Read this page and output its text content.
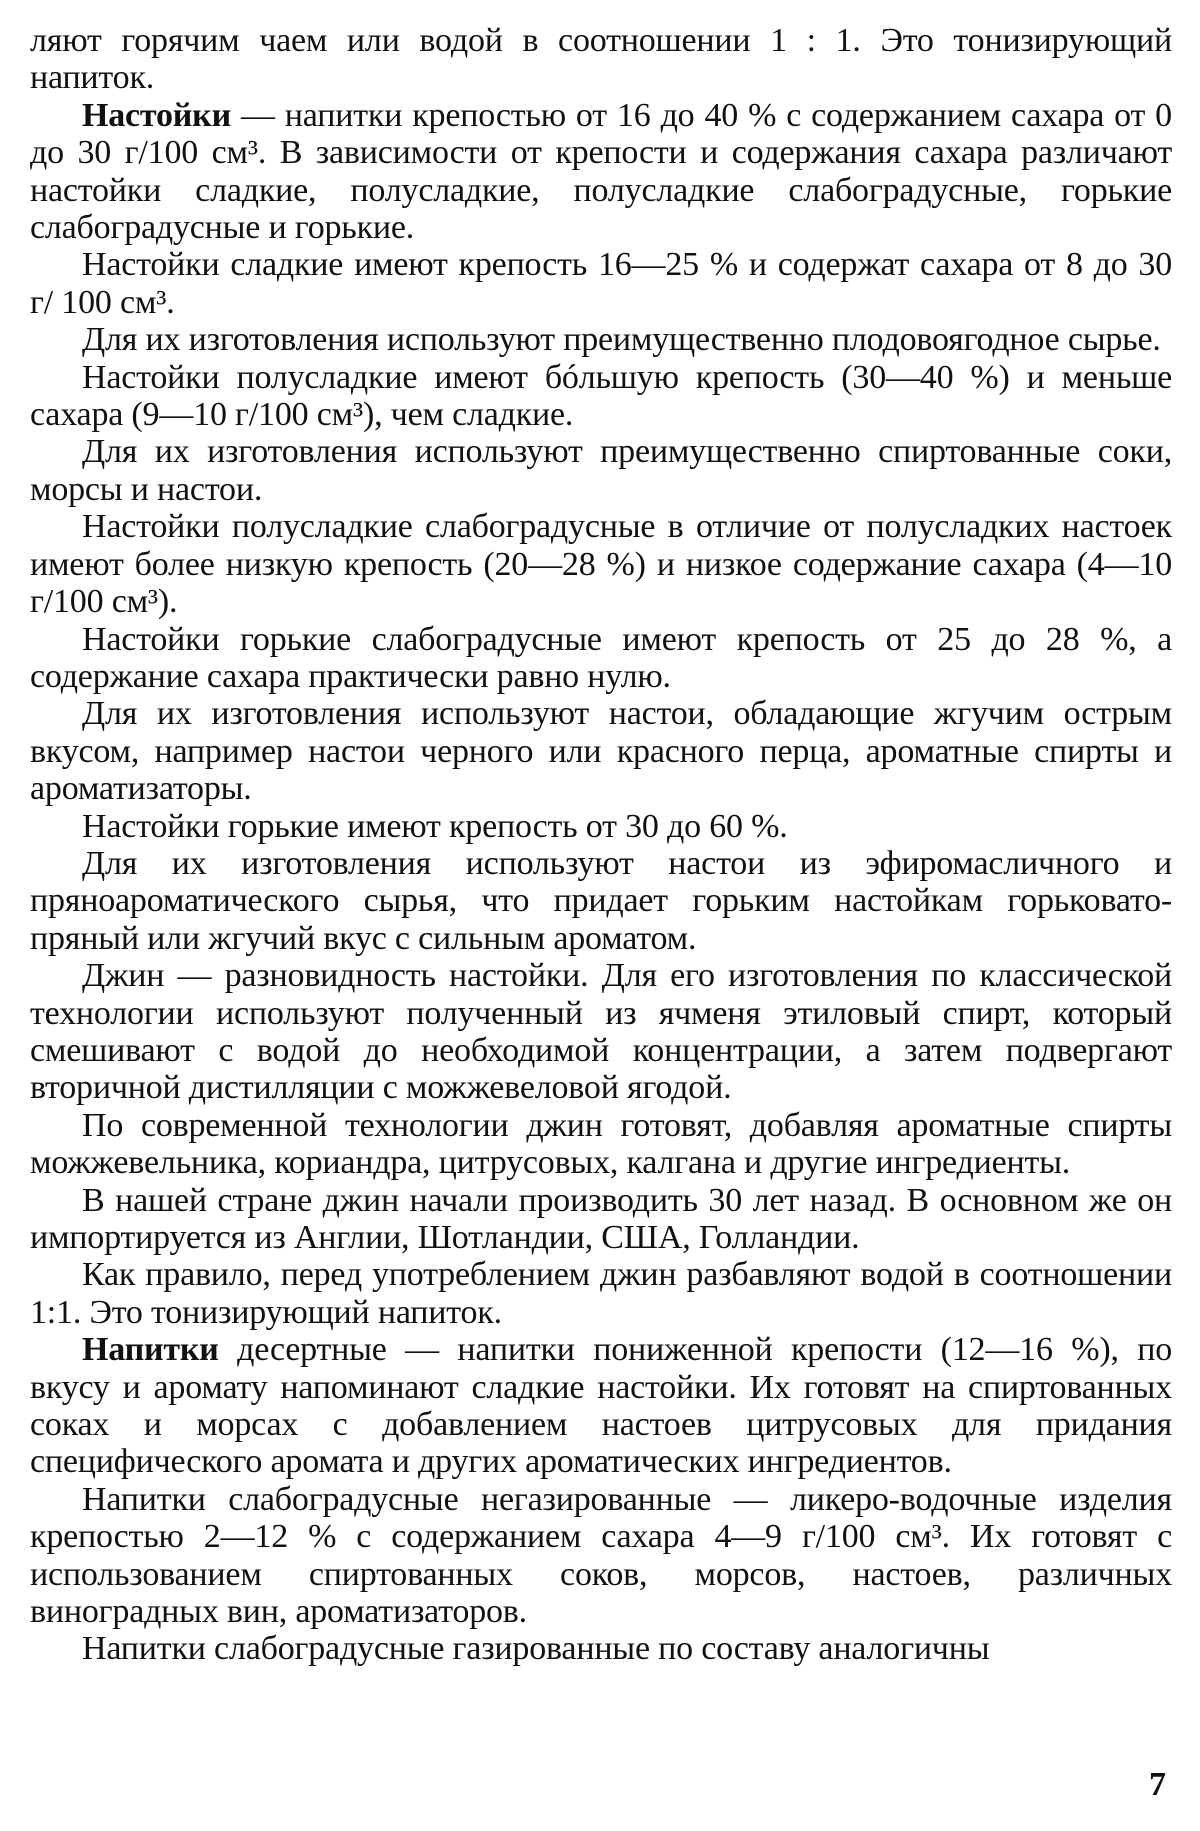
ляют горячим чаем или водой в соотношении 1 : 1. Это тонизирующий напиток.

Настойки — напитки крепостью от 16 до 40 % с содержанием сахара от 0 до 30 г/100 см³. В зависимости от крепости и содержания сахара различают настойки сладкие, полусладкие, полусладкие слабоградусные, горькие слабоградусные и горькие.

Настойки сладкие имеют крепость 16—25 % и содержат сахара от 8 до 30 г/ 100 см³.

Для их изготовления используют преимущественно плодовоягодное сырье.

Настойки полусладкие имеют бóльшую крепость (30—40 %) и меньше сахара (9—10 г/100 см³), чем сладкие.

Для их изготовления используют преимущественно спиртованные соки, морсы и настои.

Настойки полусладкие слабоградусные в отличие от полусладких настоек имеют более низкую крепость (20—28 %) и низкое содержание сахара (4—10 г/100 см³).

Настойки горькие слабоградусные имеют крепость от 25 до 28 %, а содержание сахара практически равно нулю.

Для их изготовления используют настои, обладающие жгучим острым вкусом, например настои черного или красного перца, ароматные спирты и ароматизаторы.

Настойки горькие имеют крепость от 30 до 60 %.

Для их изготовления используют настои из эфиромасличного и пряноароматического сырья, что придает горьким настойкам горьковато-пряный или жгучий вкус с сильным ароматом.

Джин — разновидность настойки. Для его изготовления по классической технологии используют полученный из ячменя этиловый спирт, который смешивают с водой до необходимой концентрации, а затем подвергают вторичной дистилляции с можжевеловой ягодой.

По современной технологии джин готовят, добавляя ароматные спирты можжевельника, кориандра, цитрусовых, калгана и другие ингредиенты.

В нашей стране джин начали производить 30 лет назад. В основном же он импортируется из Англии, Шотландии, США, Голландии.

Как правило, перед употреблением джин разбавляют водой в соотношении 1:1. Это тонизирующий напиток.

Напитки десертные — напитки пониженной крепости (12—16 %), по вкусу и аромату напоминают сладкие настойки. Их готовят на спиртованных соках и морсах с добавлением настоев цитрусовых для придания специфического аромата и других ароматических ингредиентов.

Напитки слабоградусные негазированные — ликеро-водочные изделия крепостью 2—12 % с содержанием сахара 4—9 г/100 см³. Их готовят с использованием спиртованных соков, морсов, настоев, различных виноградных вин, ароматизаторов.

Напитки слабоградусные газированные по составу аналогичны

7
